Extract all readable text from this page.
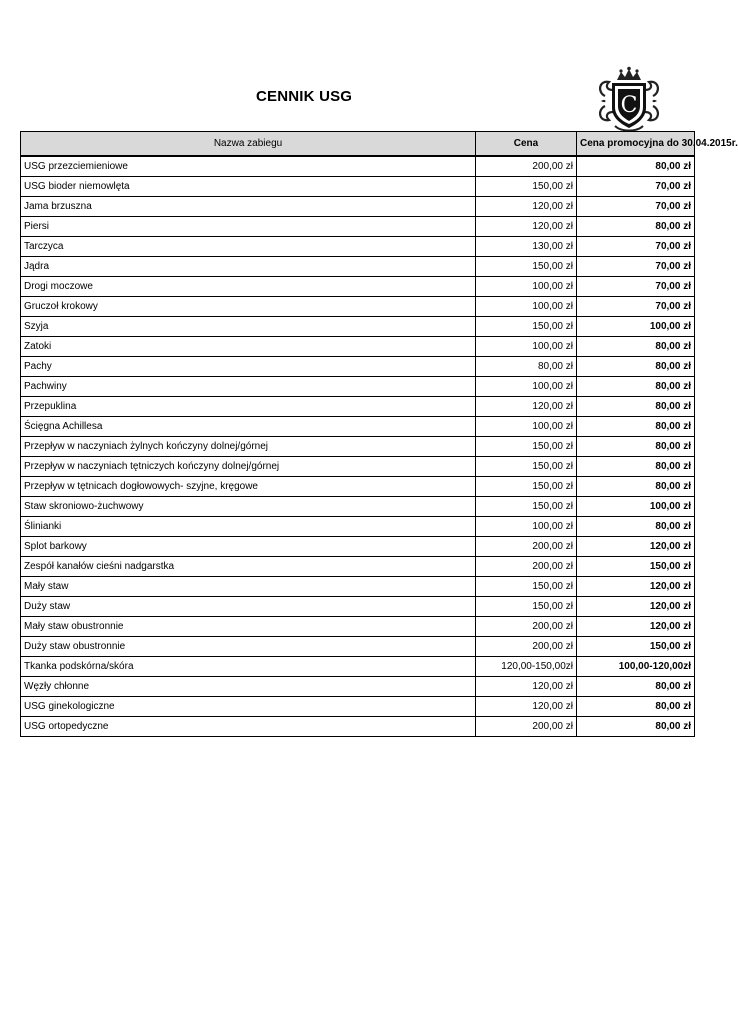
CENNIK USG	C
Nazwa zabiegu	Cena	Cena promocyjna do 30.04.2015r.
USG przezciemieniowe	200,00 zł	80,00 zł
USG bioder niemowlęta	150,00 zł	70,00 zł
Jama brzuszna	120,00 zł	70,00 zł
Piersi	120,00 zł	80,00 zł
Tarczyca	130,00 zł	70,00 zł
Jądra	150,00 zł	70,00 zł
Drogi moczowe	100,00 zł	70,00 zł
Gruczoł krokowy	100,00 zł	70,00 zł
Szyja	150,00 zł	100,00 zł
Zatoki	100,00 zł	80,00 zł
Pachy	80,00 zł	80,00 zł
Pachwiny	100,00 zł	80,00 zł
Przepuklina	120,00 zł	80,00 zł
Ścięgna Achillesa	100,00 zł	80,00 zł
Przepływ w naczyniach żylnych kończyny dolnej/górnej	150,00 zł	80,00 zł
Przepływ w naczyniach tętniczych kończyny dolnej/górnej	150,00 zł	80,00 zł
Przepływ w tętnicach dogłowowych- szyjne, kręgowe	150,00 zł	80,00 zł
Staw skroniowo-żuchwowy	150,00 zł	100,00 zł
Ślinianki	100,00 zł	80,00 zł
Splot barkowy	200,00 zł	120,00 zł
Zespół kanałów cieśni nadgarstka	200,00 zł	150,00 zł
Mały staw	150,00 zł	120,00 zł
Duży staw	150,00 zł	120,00 zł
Mały staw obustronnie	200,00 zł	120,00 zł
Duży staw obustronnie	200,00 zł	150,00 zł
Tkanka podskórna/skóra	120,00-150,00zł	100,00-120,00zł
Węzły chłonne	120,00 zł	80,00 zł
USG ginekologiczne	120,00 zł	80,00 zł
USG ortopedyczne	200,00 zł	80,00 zł
